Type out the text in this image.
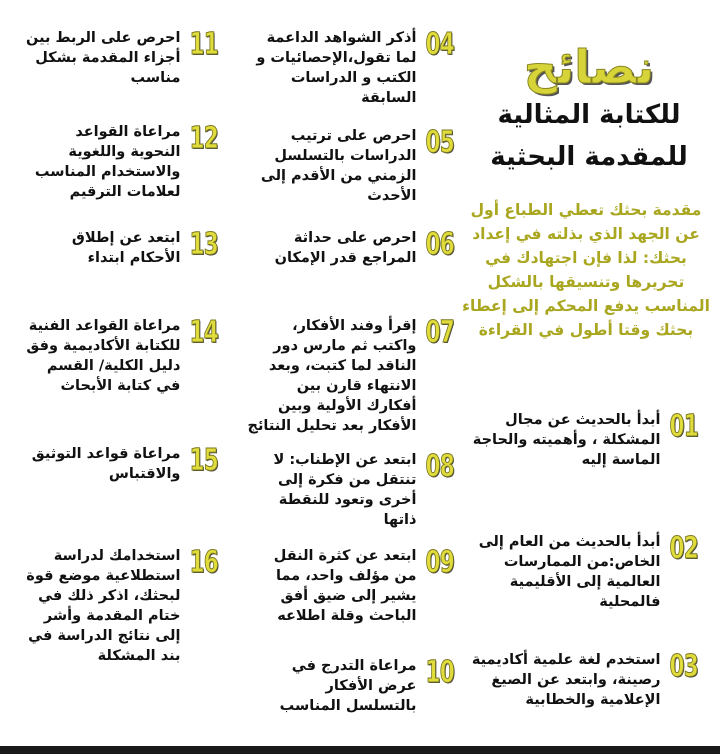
نصائح
للكتابة المثالية
للمقدمة البحثية
مقدمة بحثك تعطي الطباع أول عن الجهد الذي بذلته في إعداد بحثك: لذا فإن اجتهادك في تحريرها وتنسيقها بالشكل المناسب يدفع المحكم إلى إعطاء بحثك وقتا أطول في القراءة
01
أبدأ بالحديث عن مجال المشكلة ، وأهميته والحاجة الماسة إليه
02
أبدأ بالحديث من العام إلى الخاص:من الممارسات العالمية إلى الأقليمية فالمحلية
03
استخدم لغة علمية أكاديمية رصينة، وابتعد عن الصيغ الإعلامية والخطابية
04
أذكر الشواهد الداعمة لما تقول،الإحصائيات و الكتب و الدراسات السابقة
05
احرص على ترتيب الدراسات بالتسلسل الزمني من الأقدم إلى الأحدث
06
احرص على حداثة المراجع قدر الإمكان
07
إقرأ وفند الأفكار، واكتب ثم مارس دور الناقد لما كتبت، وبعد الانتهاء قارن بين أفكارك الأولية وبين الأفكار بعد تحليل النتائج
08
ابتعد عن الإطناب: لا تنتقل من فكرة إلى أخرى وتعود للنقطة ذاتها
09
ابتعد عن كثرة النقل من مؤلف واحد، مما يشير إلى ضيق أفق الباحث وقلة اطلاعه
10
مراعاة التدرج في عرض الأفكار بالتسلسل المناسب
11
احرص على الربط بين أجزاء المقدمة بشكل مناسب
12
مراعاة القواعد النحوية واللغوية والاستخدام المناسب لعلامات الترقيم
13
ابتعد عن إطلاق الأحكام ابتداء
14
مراعاة القواعد الفنية للكتابة الأكاديمية وفق دليل الكلية/ القسم في كتابة الأبحاث
15
مراعاة قواعد التوثيق والاقتباس
16
استخدامك لدراسة استطلاعية موضع قوة لبحثك، اذكر ذلك في ختام المقدمة وأشر إلى نتائج الدراسة في بند المشكلة
